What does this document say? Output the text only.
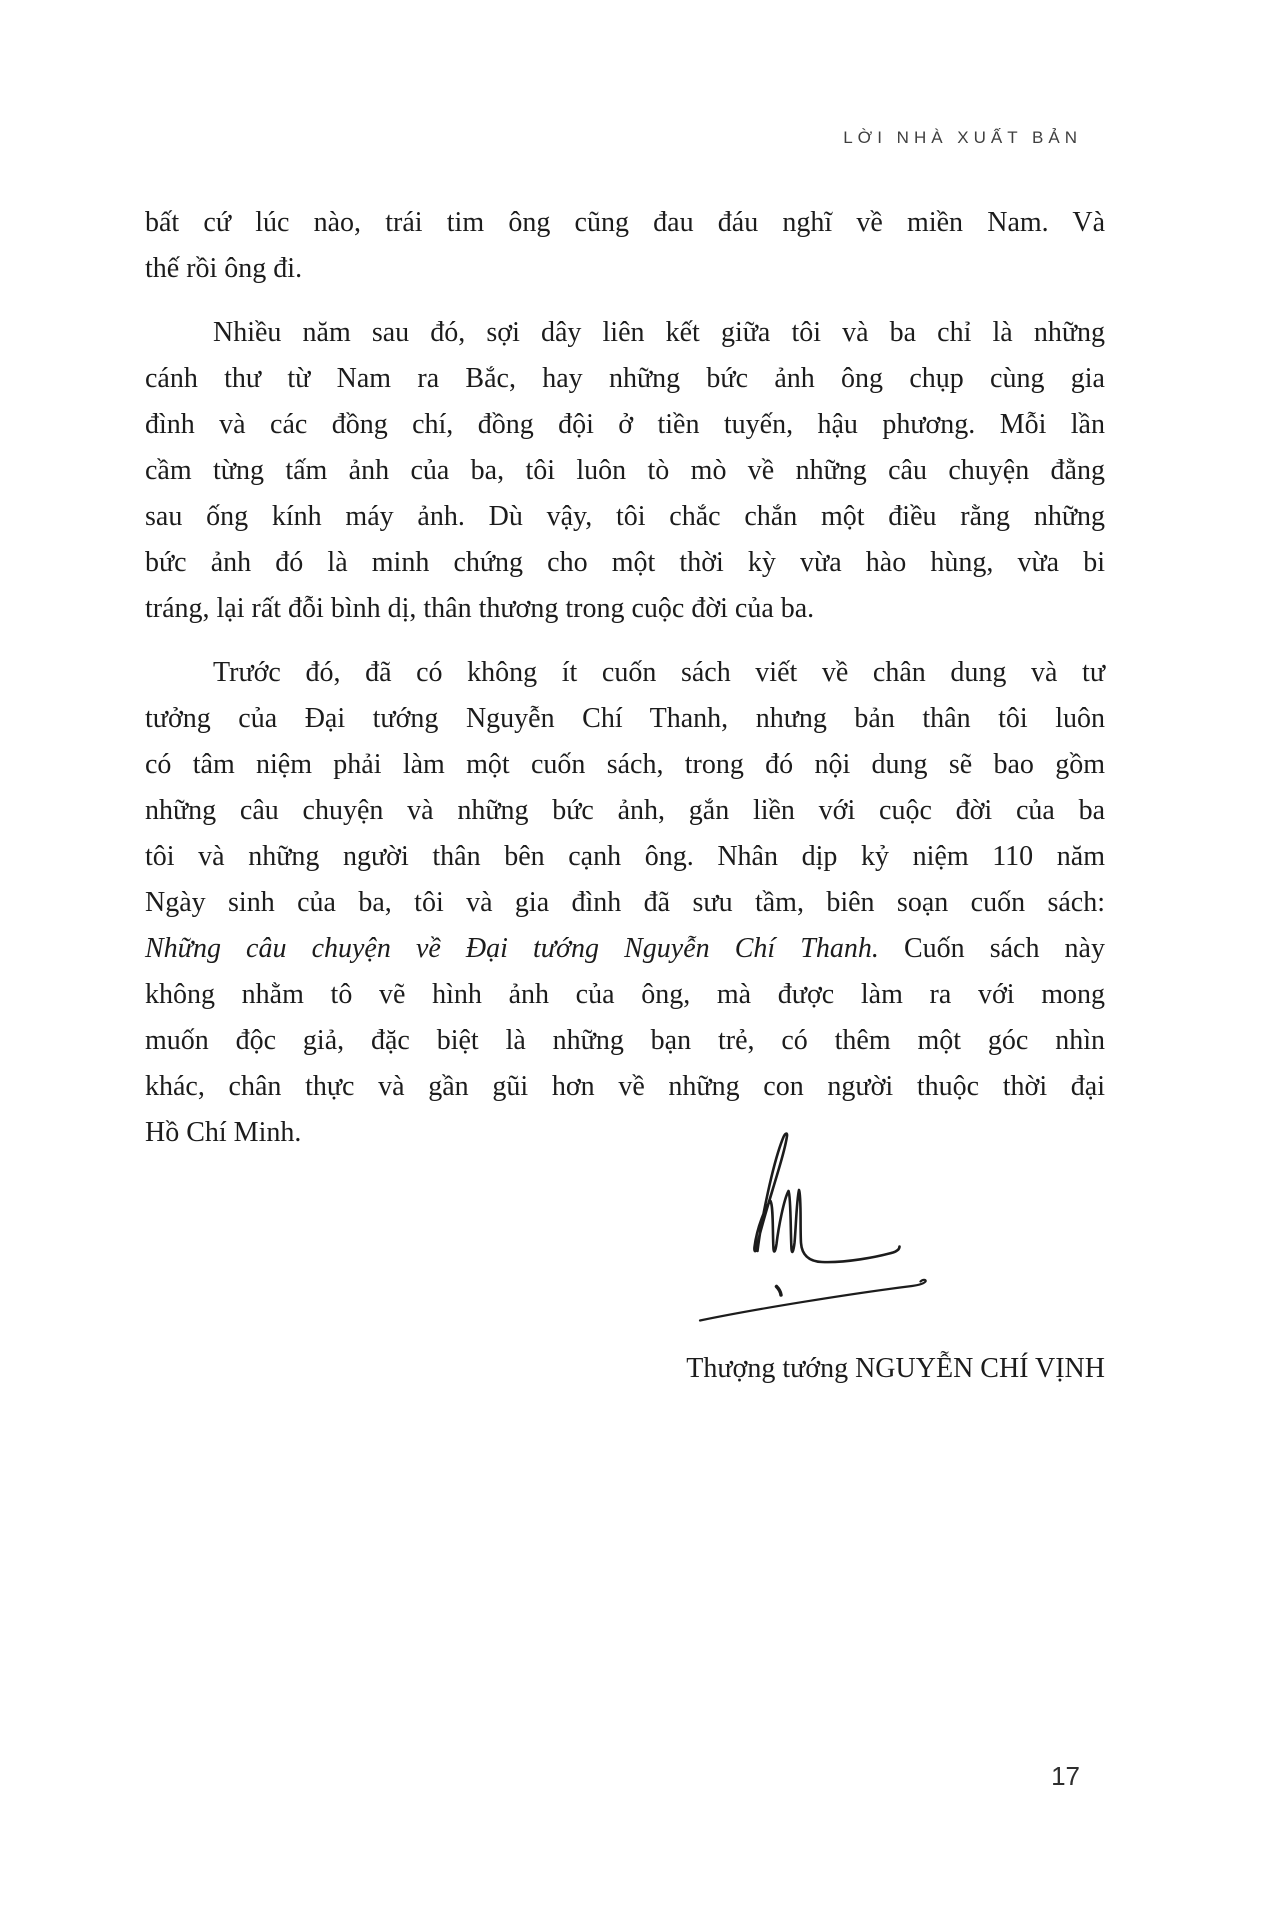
LỜI NHÀ XUẤT BẢN
bất cứ lúc nào, trái tim ông cũng đau đáu nghĩ về miền Nam. Và
thế rồi ông đi.
Nhiều năm sau đó, sợi dây liên kết giữa tôi và ba chỉ là những
cánh thư từ Nam ra Bắc, hay những bức ảnh ông chụp cùng gia
đình và các đồng chí, đồng đội ở tiền tuyến, hậu phương. Mỗi lần
cầm từng tấm ảnh của ba, tôi luôn tò mò về những câu chuyện đằng
sau ống kính máy ảnh. Dù vậy, tôi chắc chắn một điều rằng những
bức ảnh đó là minh chứng cho một thời kỳ vừa hào hùng, vừa bi
tráng, lại rất đỗi bình dị, thân thương trong cuộc đời của ba.
Trước đó, đã có không ít cuốn sách viết về chân dung và tư
tưởng của Đại tướng Nguyễn Chí Thanh, nhưng bản thân tôi luôn
có tâm niệm phải làm một cuốn sách, trong đó nội dung sẽ bao gồm
những câu chuyện và những bức ảnh, gắn liền với cuộc đời của ba
tôi và những người thân bên cạnh ông. Nhân dịp kỷ niệm 110 năm
Ngày sinh của ba, tôi và gia đình đã sưu tầm, biên soạn cuốn sách:
Những câu chuyện về Đại tướng Nguyễn Chí Thanh. Cuốn sách này
không nhằm tô vẽ hình ảnh của ông, mà được làm ra với mong
muốn độc giả, đặc biệt là những bạn trẻ, có thêm một góc nhìn
khác, chân thực và gần gũi hơn về những con người thuộc thời đại
Hồ Chí Minh.
Thượng tướng NGUYỄN CHÍ VỊNH
17
